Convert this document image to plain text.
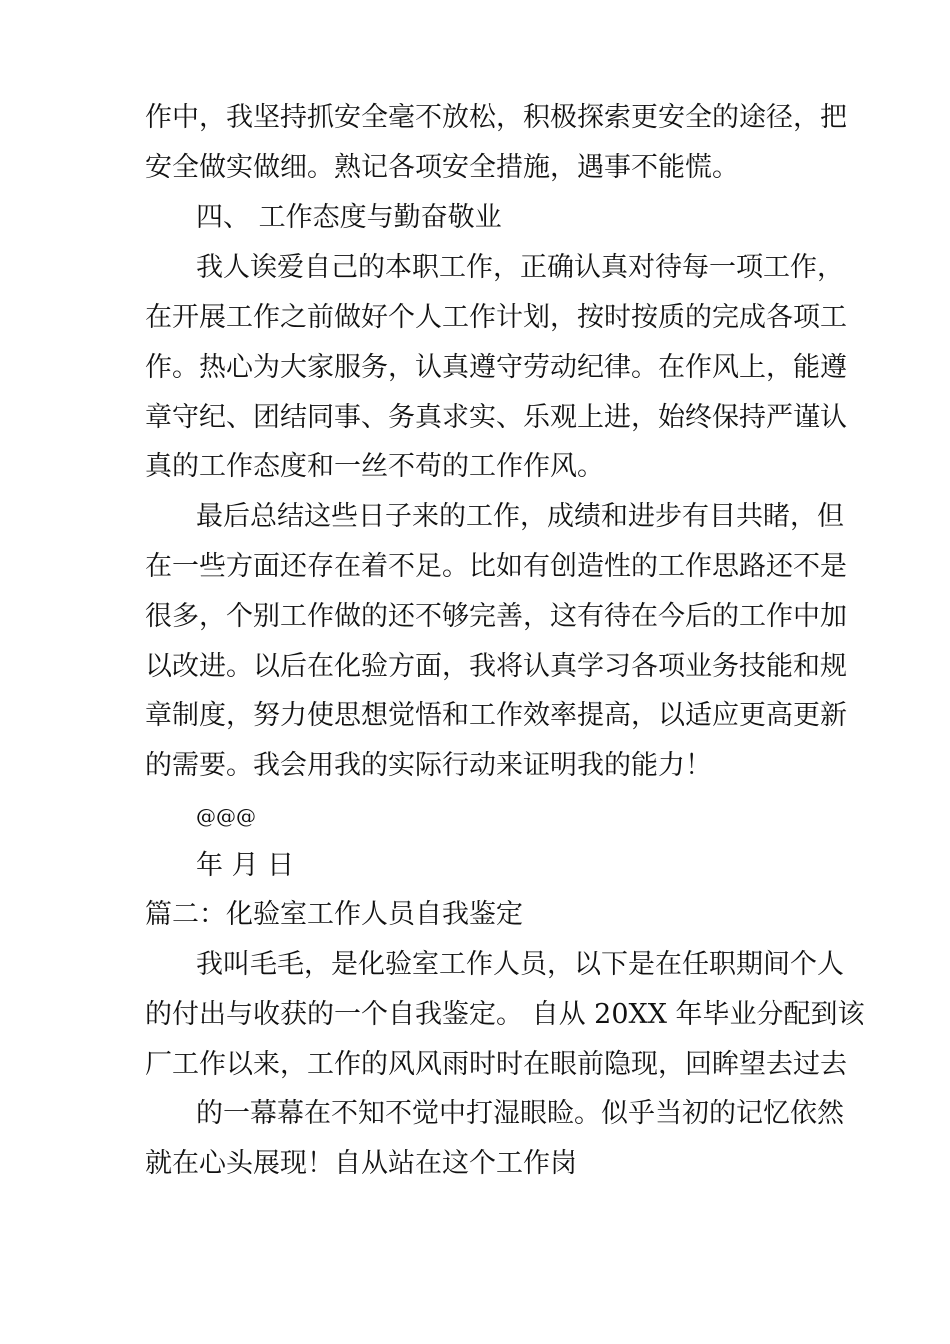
作中，我坚持抓安全毫不放松，积极探索更安全的途径，把
安全做实做细。熟记各项安全措施，遇事不能慌。
四、 工作态度与勤奋敬业
我人诶爱自己的本职工作，正确认真对待每一项工作，
在开展工作之前做好个人工作计划，按时按质的完成各项工
作。热心为大家服务，认真遵守劳动纪律。在作风上，能遵
章守纪、团结同事、务真求实、乐观上进，始终保持严谨认
真的工作态度和一丝不苟的工作作风。
最后总结这些日子来的工作，成绩和进步有目共睹，但
在一些方面还存在着不足。比如有创造性的工作思路还不是
很多，个别工作做的还不够完善，这有待在今后的工作中加
以改进。以后在化验方面，我将认真学习各项业务技能和规
章制度，努力使思想觉悟和工作效率提高，以适应更高更新
的需要。我会用我的实际行动来证明我的能力！
@@@
年 月 日
篇二：化验室工作人员自我鉴定
我叫毛毛，是化验室工作人员，以下是在任职期间个人
的付出与收获的一个自我鉴定。 自从 20XX 年毕业分配到该
厂工作以来，工作的风风雨时时在眼前隐现，回眸望去过去
的一幕幕在不知不觉中打湿眼睑。似乎当初的记忆依然
就在心头展现！自从站在这个工作岗
